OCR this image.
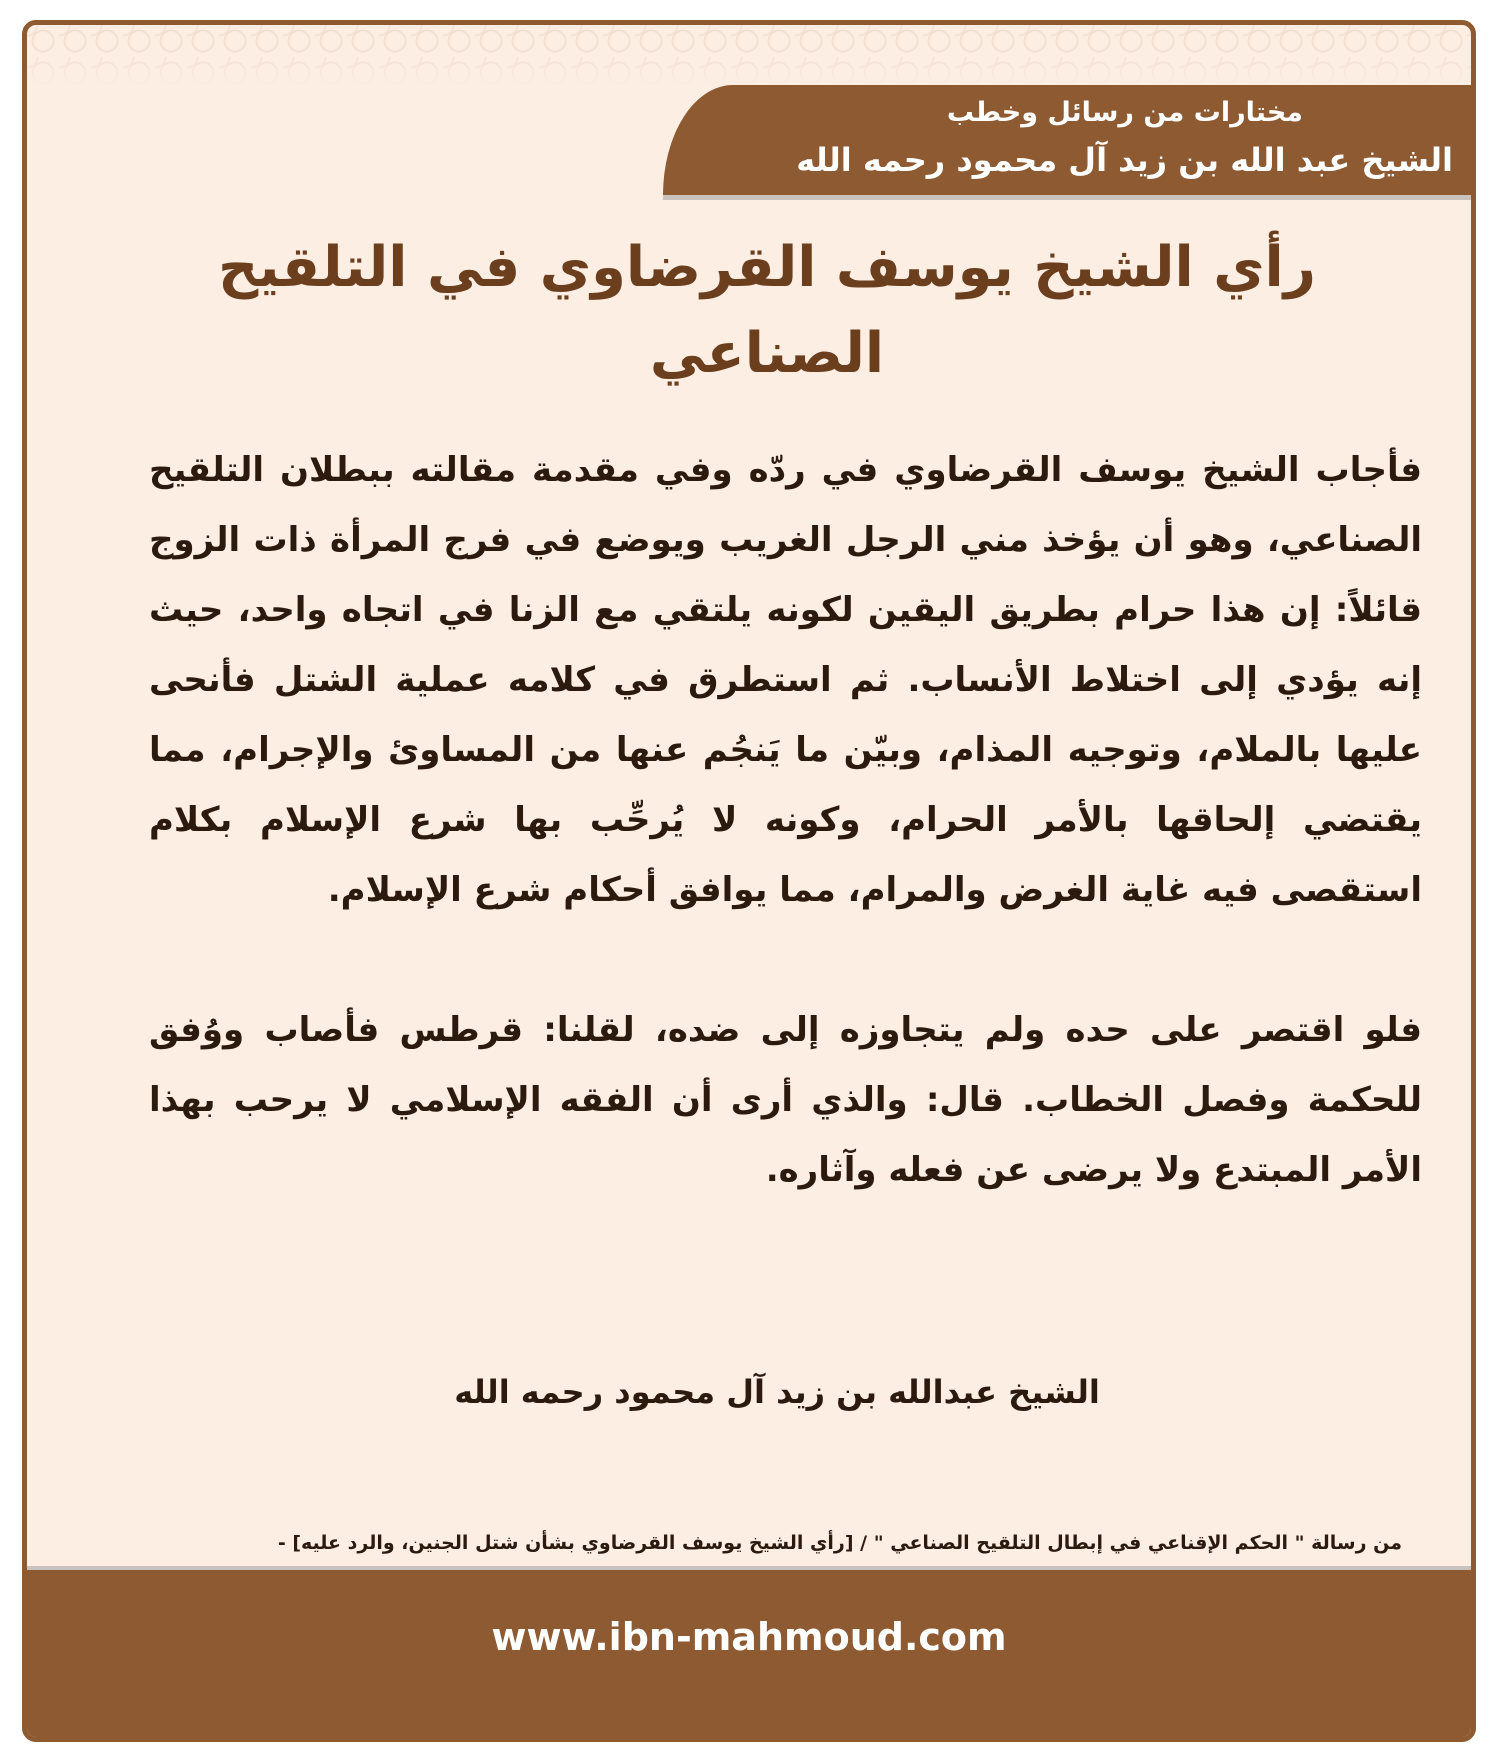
مختارات من رسائل وخطب
الشيخ عبد الله بن زيد آل محمود رحمه الله
رأي الشيخ يوسف القرضاوي في التلقيح
الصناعي

فأجاب الشيخ يوسف القرضاوي في ردّه وفي مقدمة مقالته ببطلان التلقيح الصناعي، وهو أن يؤخذ مني الرجل الغريب ويوضع في فرج المرأة ذات الزوج قائلاً: إن هذا حرام بطريق اليقين لكونه يلتقي مع الزنا في اتجاه واحد، حيث إنه يؤدي إلى اختلاط الأنساب. ثم استطرق في كلامه عملية الشتل فأنحى عليها بالملام، وتوجيه المذام، وبيّن ما يَنجُم عنها من المساوئ والإجرام، مما يقتضي إلحاقها بالأمر الحرام، وكونه لا يُرحِّب بها شرع الإسلام بكلام استقصى فيه غاية الغرض والمرام، مما يوافق أحكام شرع الإسلام.

فلو اقتصر على حده ولم يتجاوزه إلى ضده، لقلنا: قرطس فأصاب ووُفق للحكمة وفصل الخطاب. قال: والذي أرى أن الفقه الإسلامي لا يرحب بهذا الأمر المبتدع ولا يرضى عن فعله وآثاره.

الشيخ عبدالله بن زيد آل محمود رحمه الله
من رسالة " الحكم الإقناعي في إبطال التلقيح الصناعي " / [رأي الشيخ يوسف القرضاوي بشأن شتل الجنين، والرد عليه] -
www.ibn-mahmoud.com
